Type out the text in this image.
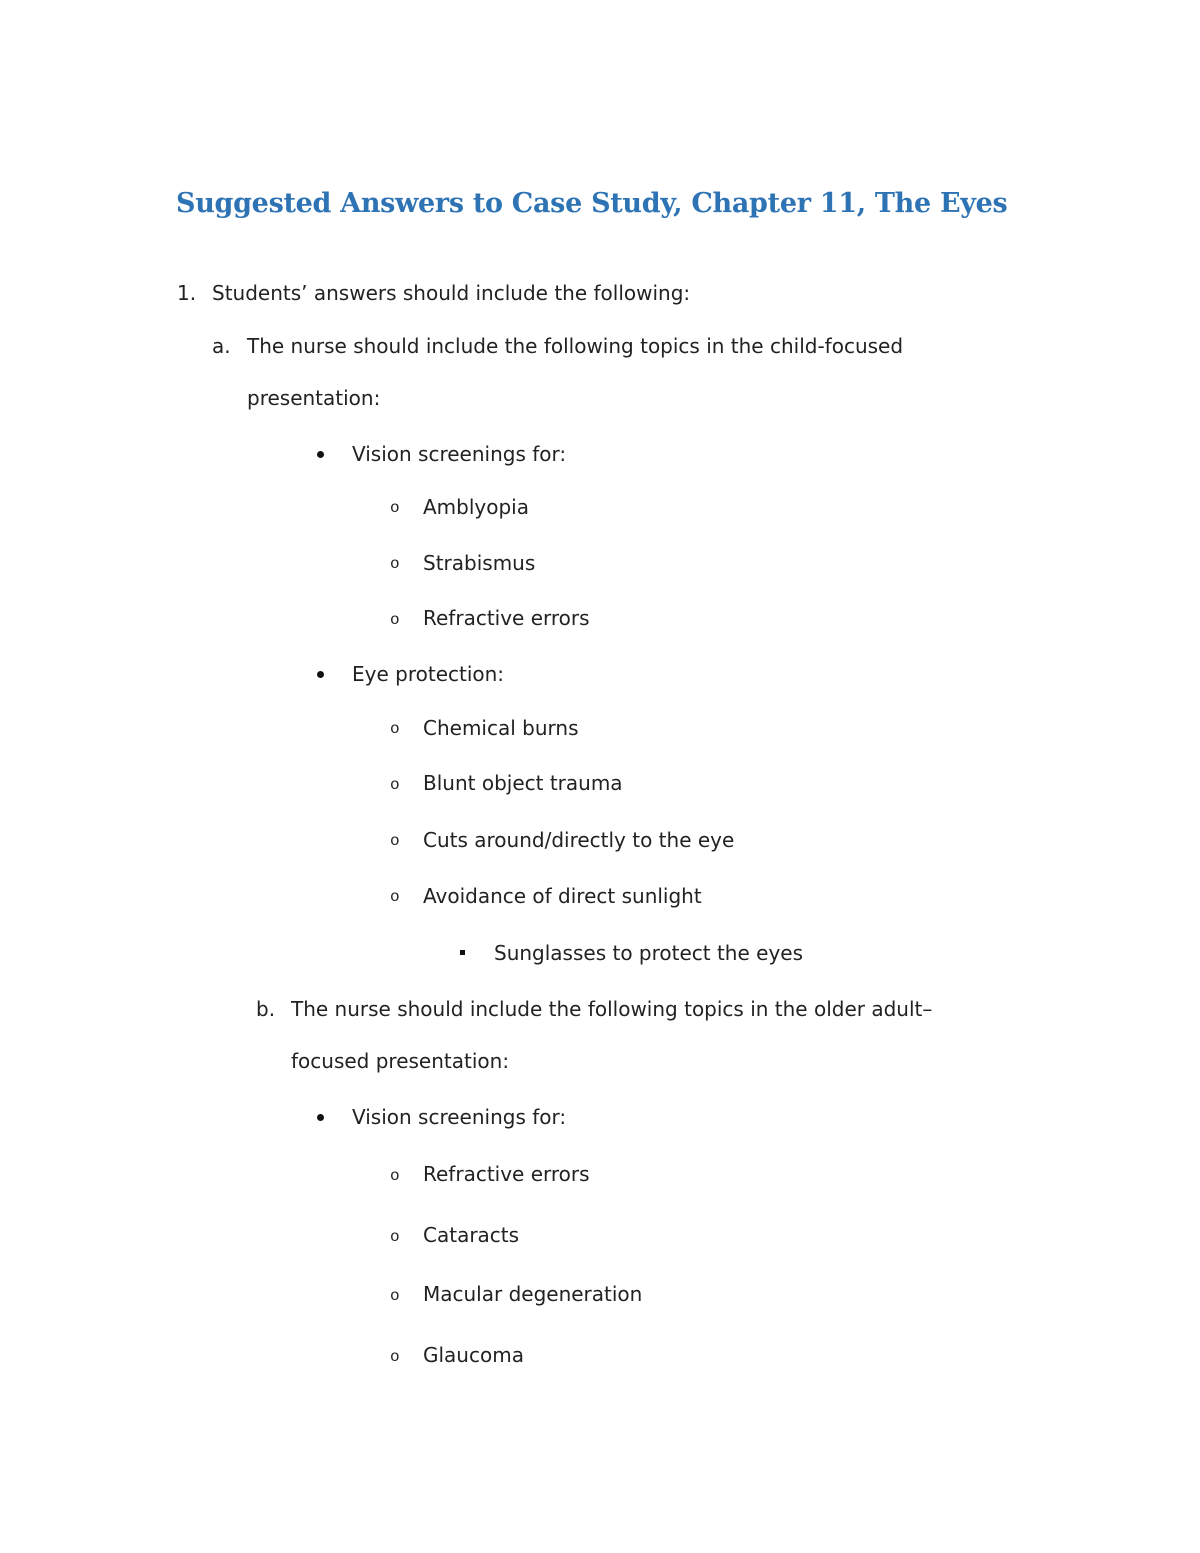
Suggested Answers to Case Study, Chapter 11, The Eyes
1. Students’ answers should include the following:
a. The nurse should include the following topics in the child-focused
presentation:
Vision screenings for:
o Amblyopia
o Strabismus
o Refractive errors
Eye protection:
o Chemical burns
o Blunt object trauma
o Cuts around/directly to the eye
o Avoidance of direct sunlight
Sunglasses to protect the eyes
b. The nurse should include the following topics in the older adult–
focused presentation:
Vision screenings for:
o Refractive errors
o Cataracts
o Macular degeneration
o Glaucoma
